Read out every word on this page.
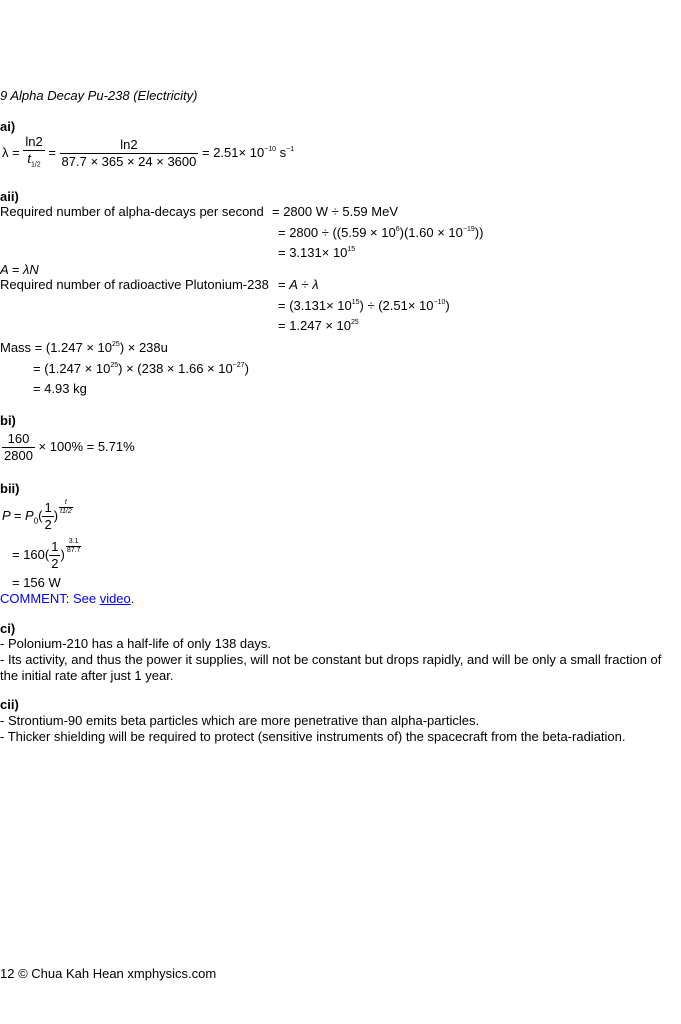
9 Alpha Decay Pu-238 (Electricity)
ai)
$\lambda = \frac{\ln 2}{t_{1/2}} = \frac{\ln 2}{87.7 \times 365 \times 24 \times 3600} = 2.51\times 10^{-10}$ $s^{-1}$
aii)
Required number of alpha-decays per second = 2800 W ÷ 5.59 MeV
= $2800 \div ((5.59 \times 10^6)(1.60 \times 10^{-19}))$
= $3.131\times 10^{15}$
A = λN
Required number of radioactive Plutonium-238 = A ÷ λ
= $(3.131\times 10^{15}) \div (2.51\times 10^{-10})$
= $1.247 \times 10^{25}$
Mass = $(1.247 \times 10^{25}) \times 238u$
= $(1.247 \times 10^{25}) \times (238 \times 1.66 \times 10^{-27})$
= 4.93 kg
bi)
$\frac{160}{2800} \times 100\% = 5.71\%$
bii)
$P = P_0( \frac{1}{2}$ ) $\frac{t}{t1/2}$
= $160( \frac{1}{2}$ ) $\frac{3.1}{87.7}$
= 156 W
COMMENT: See video.
ci)
- Polonium-210 has a half-life of only 138 days.
- Its activity, and thus the power it supplies, will not be constant but drops rapidly, and will be only a small fraction of the initial rate after just 1 year.
cii)
- Strontium-90 emits beta particles which are more penetrative than alpha-particles.
- Thicker shielding will be required to protect (sensitive instruments of) the spacecraft from the beta-radiation.
12 © Chua Kah Hean xmphysics.com
